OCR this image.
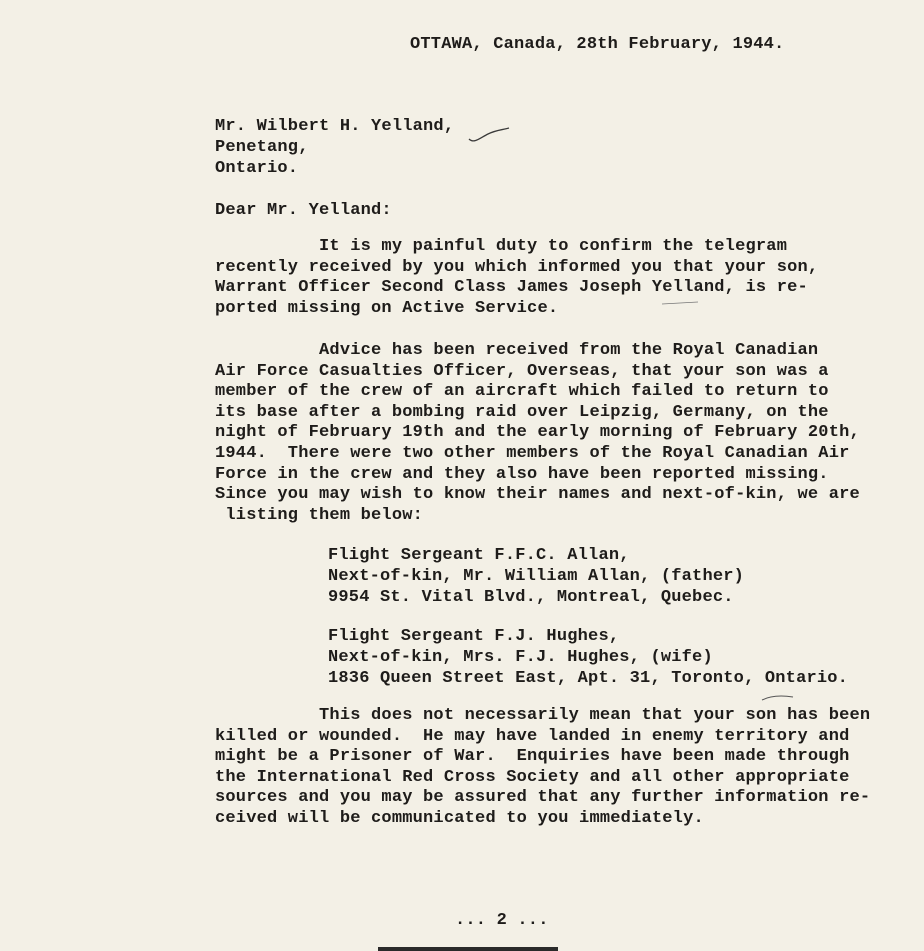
OTTAWA, Canada, 28th February, 1944.
Mr. Wilbert H. Yelland,
Penetang,
Ontario.
Dear Mr. Yelland:
It is my painful duty to confirm the telegram
recently received by you which informed you that your son,
Warrant Officer Second Class James Joseph Yelland, is re-
ported missing on Active Service.
Advice has been received from the Royal Canadian
Air Force Casualties Officer, Overseas, that your son was a
member of the crew of an aircraft which failed to return to
its base after a bombing raid over Leipzig, Germany, on the
night of February 19th and the early morning of February 20th,
1944.  There were two other members of the Royal Canadian Air
Force in the crew and they also have been reported missing.
Since you may wish to know their names and next-of-kin, we are
listing them below:
Flight Sergeant F.F.C. Allan,
Next-of-kin, Mr. William Allan, (father)
9954 St. Vital Blvd., Montreal, Quebec.
Flight Sergeant F.J. Hughes,
Next-of-kin, Mrs. F.J. Hughes, (wife)
1836 Queen Street East, Apt. 31, Toronto, Ontario.
This does not necessarily mean that your son has been
killed or wounded.  He may have landed in enemy territory and
might be a Prisoner of War.  Enquiries have been made through
the International Red Cross Society and all other appropriate
sources and you may be assured that any further information re-
ceived will be communicated to you immediately.
... 2 ...
